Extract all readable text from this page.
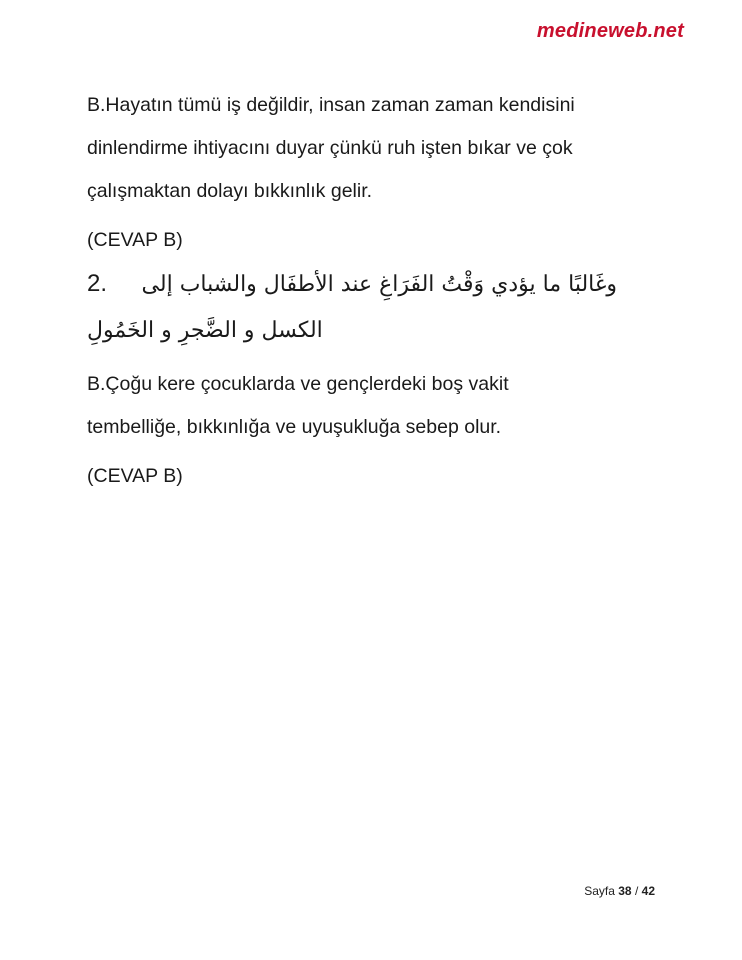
medineweb.net

B.Hayatın tümü iş değildir, insan zaman zaman kendisini

dinlendirme ihtiyacını duyar çünkü ruh işten bıkar ve çok

çalışmaktan dolayı bıkkınlık gelir.

(CEVAP B)

2. وغَالبًا ما يؤدي وَقْتُ الفَرَاغِ عند الأطفَال والشباب إلى
الكسل و الضَّجرِ و الخَمُولِ

B.Çoğu kere çocuklarda ve gençlerdeki boş vakit

tembelliğe, bıkkınlığa ve uyuşukluğa sebep olur.

(CEVAP B)

Sayfa 38 / 42
